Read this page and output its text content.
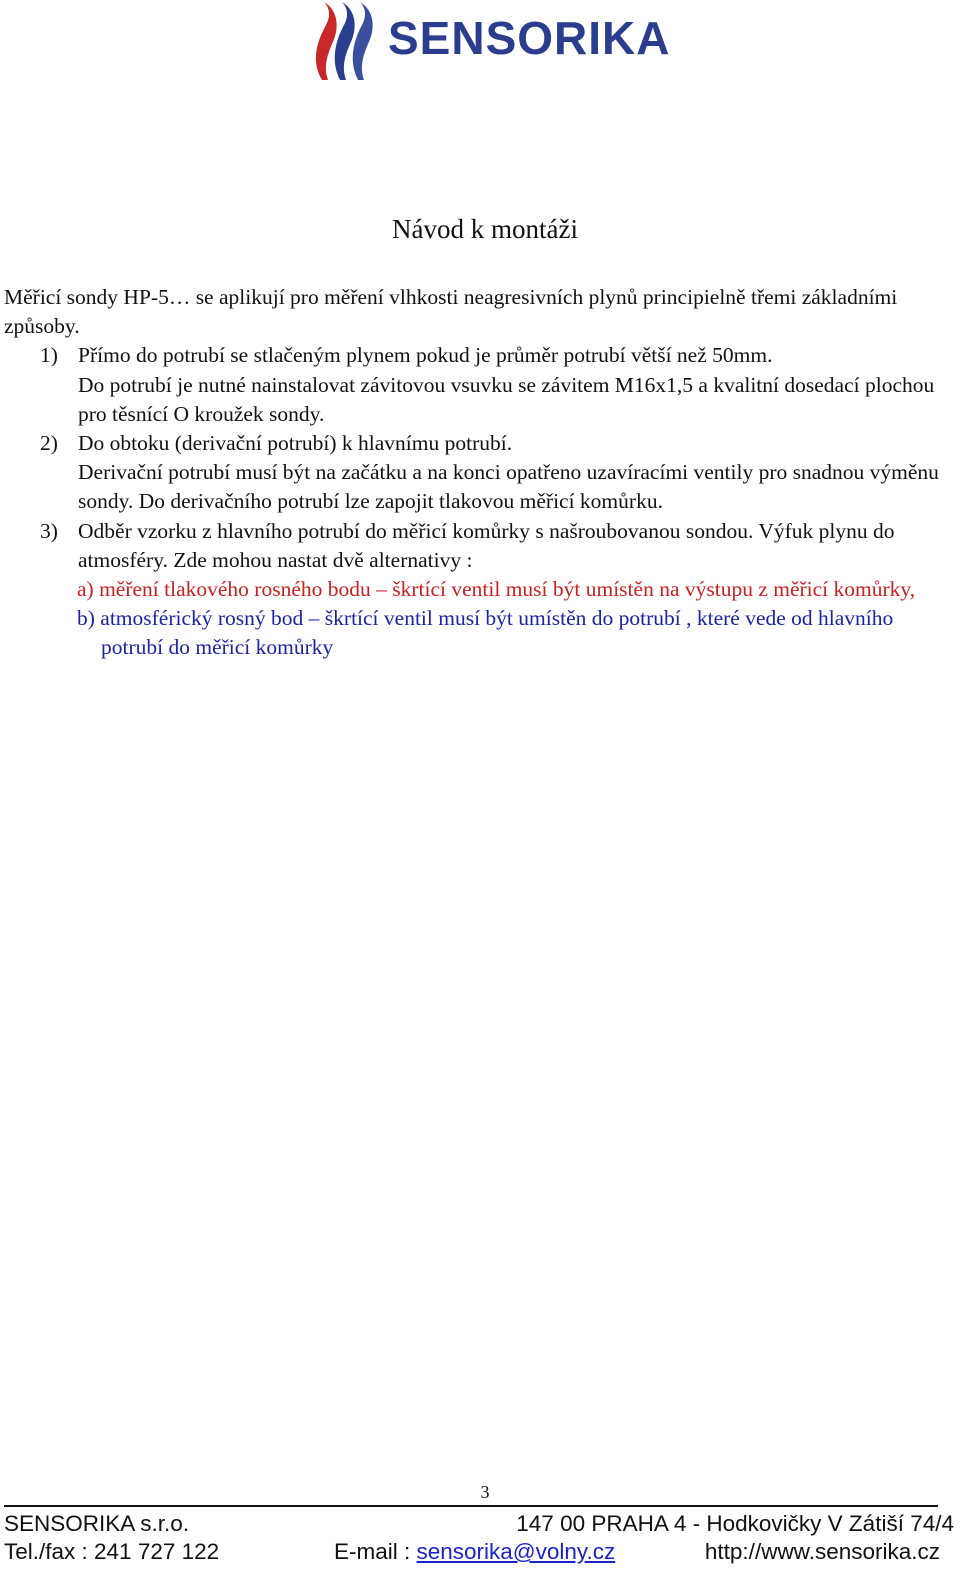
SENSORIKA
Návod k montáži

Měřicí sondy HP-5… se aplikují pro měření vlhkosti neagresivních plynů principielně třemi základními způsoby.

1) Přímo do potrubí se stlačeným plynem pokud je průměr potrubí větší než 50mm.
Do potrubí je nutné nainstalovat závitovou vsuvku se závitem M16x1,5 a kvalitní dosedací plochou pro těsnící O kroužek sondy.
2) Do obtoku (derivační potrubí) k hlavnímu potrubí.
Derivační potrubí musí být na začátku a na konci opatřeno uzavíracími ventily pro snadnou výměnu sondy. Do derivačního potrubí lze zapojit tlakovou měřicí komůrku.
3) Odběr vzorku z hlavního potrubí do měřicí komůrky s našroubovanou sondou. Výfuk plynu do atmosféry. Zde mohou nastat dvě alternativy :

a) měření tlakového rosného bodu – škrtící ventil musí být umístěn na výstupu z měřicí komůrky,

b) atmosférický rosný bod – škrtící ventil musí být umístěn do potrubí , které vede od hlavního potrubí do měřicí komůrky

3
SENSORIKA s.r.o.	147 00 PRAHA 4 - Hodkovičky V Zátiší 74/4
Tel./fax : 241 727 122	E-mail : sensorika@volny.cz	http://www.sensorika.cz
